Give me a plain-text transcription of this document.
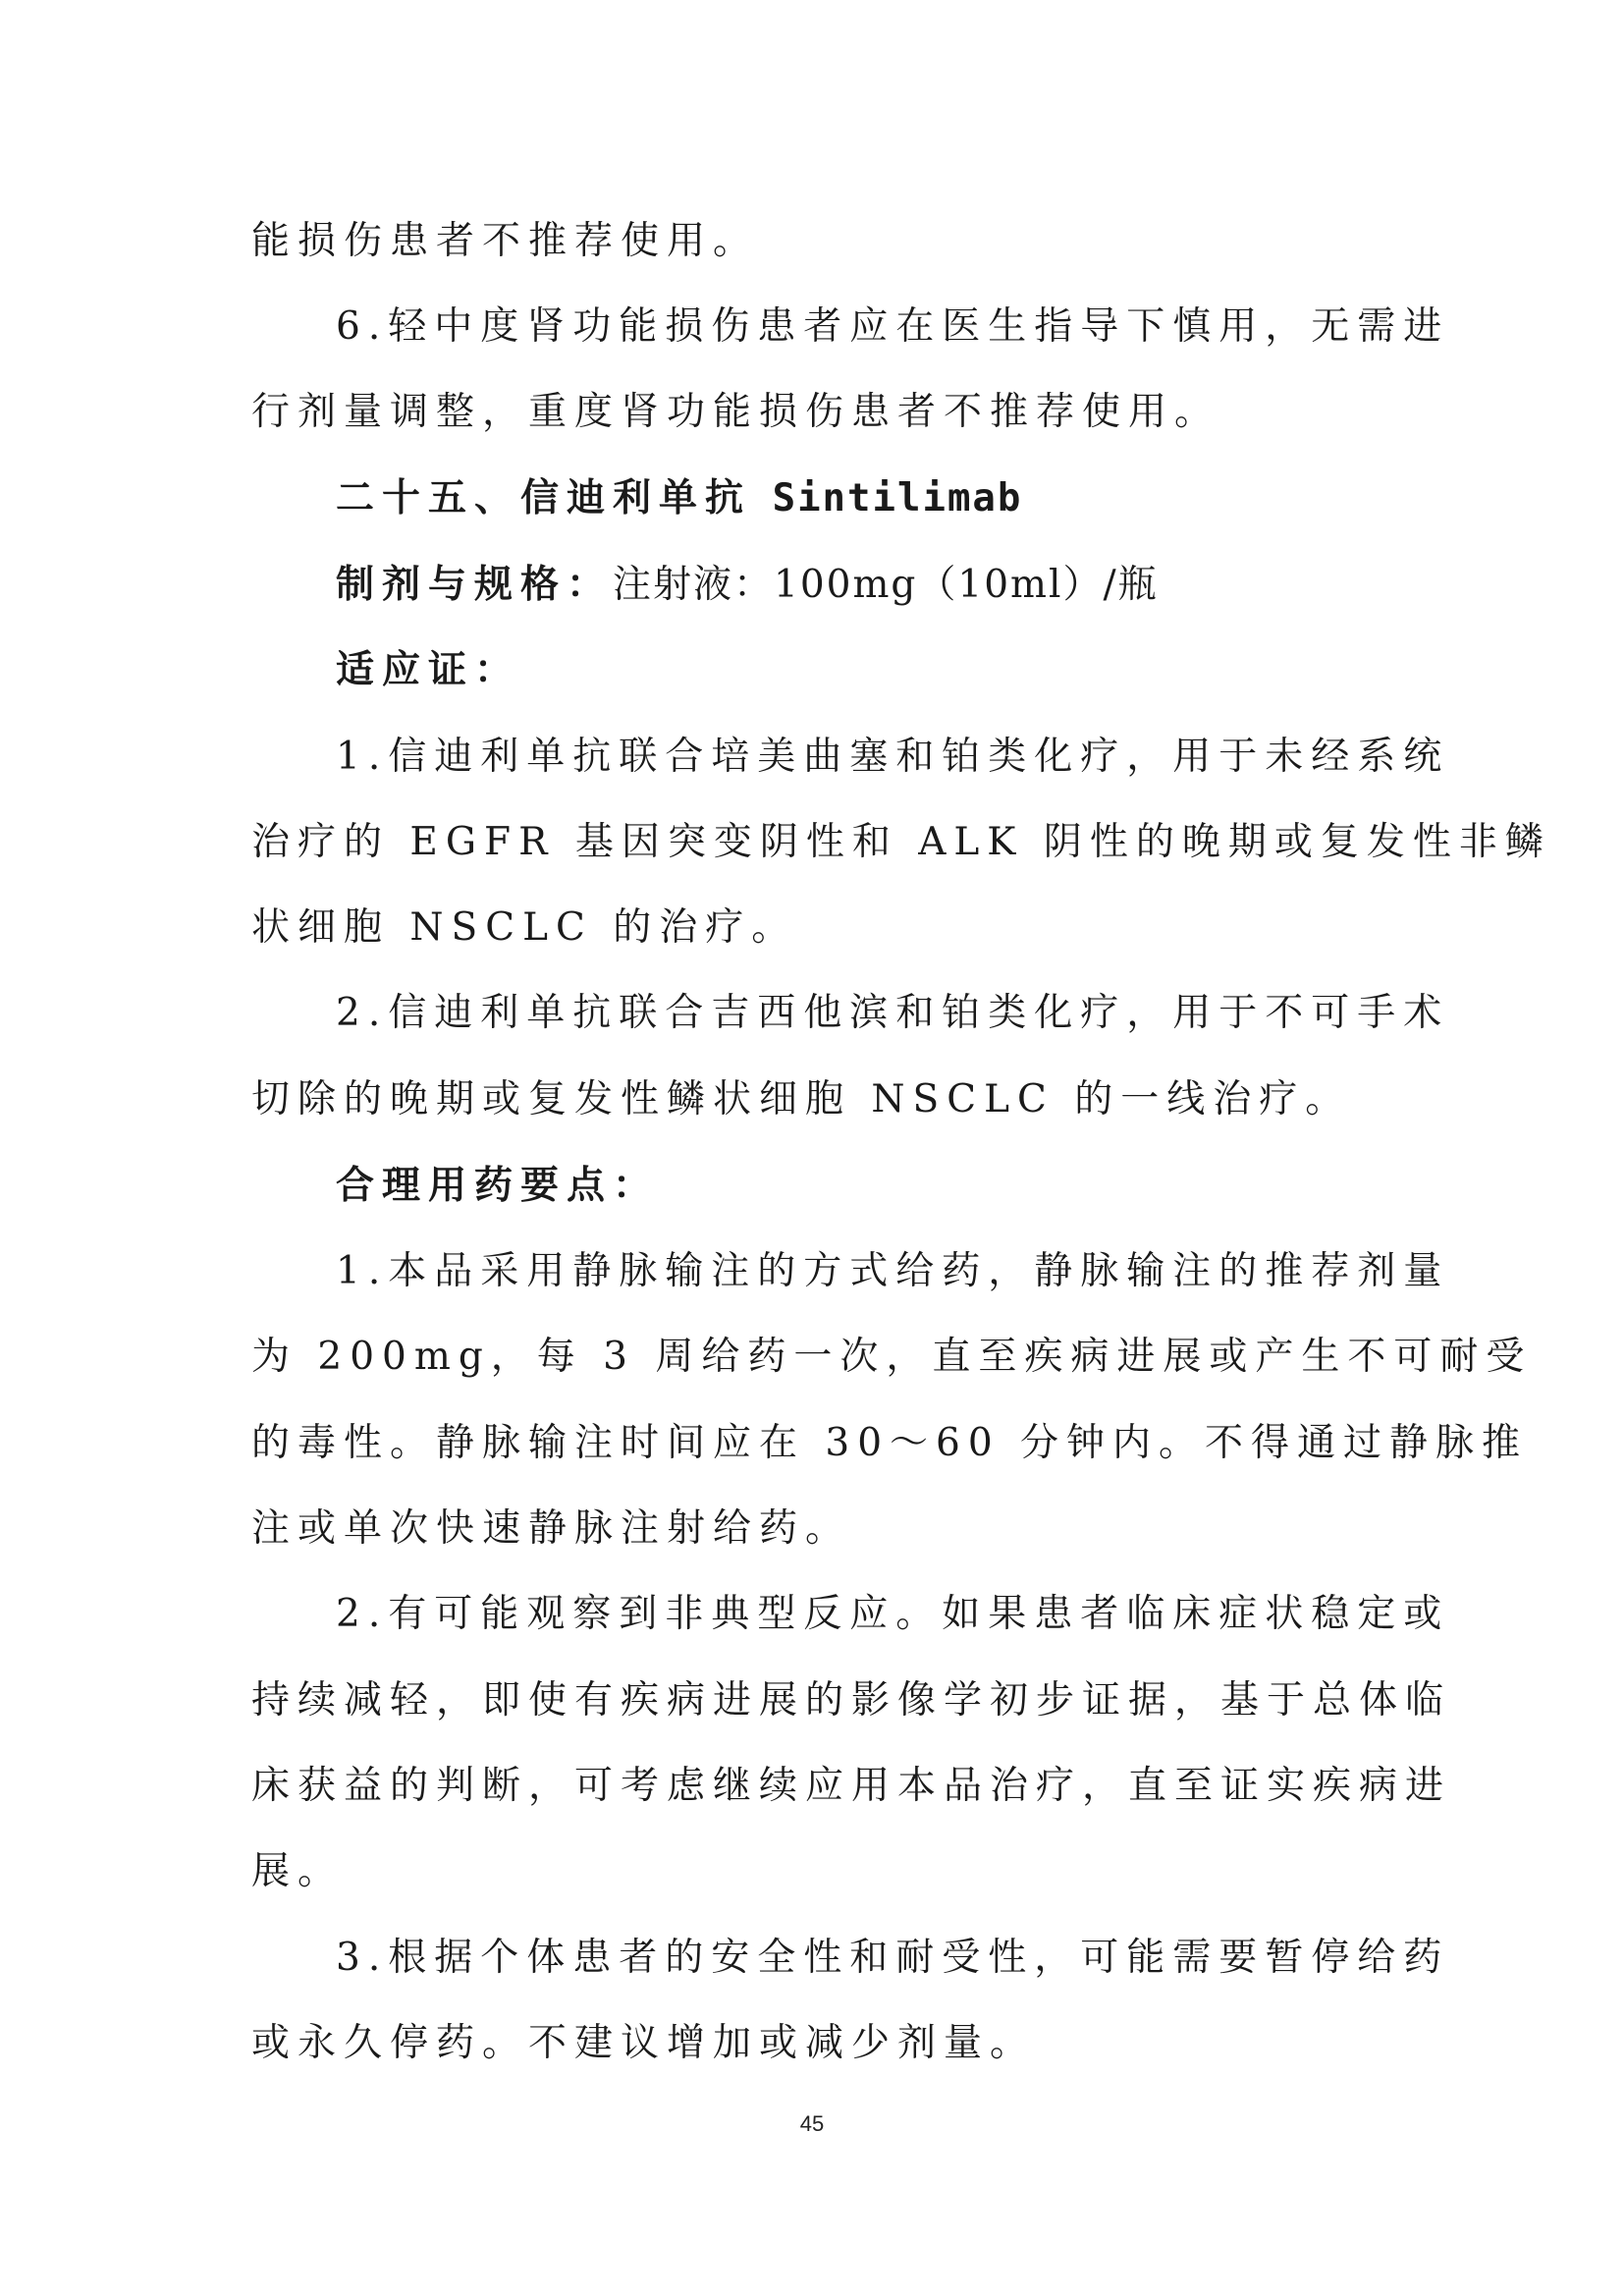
能损伤患者不推荐使用。
6.轻中度肾功能损伤患者应在医生指导下慎用，无需进
行剂量调整，重度肾功能损伤患者不推荐使用。
二十五、信迪利单抗 Sintilimab
制剂与规格：注射液：100mg（10ml）/瓶
适应证：
1.信迪利单抗联合培美曲塞和铂类化疗，用于未经系统
治疗的 EGFR 基因突变阴性和 ALK 阴性的晚期或复发性非鳞
状细胞 NSCLC 的治疗。
2.信迪利单抗联合吉西他滨和铂类化疗，用于不可手术
切除的晚期或复发性鳞状细胞 NSCLC 的一线治疗。
合理用药要点：
1.本品采用静脉输注的方式给药，静脉输注的推荐剂量
为 200mg，每 3 周给药一次，直至疾病进展或产生不可耐受
的毒性。静脉输注时间应在 30～60 分钟内。不得通过静脉推
注或单次快速静脉注射给药。
2.有可能观察到非典型反应。如果患者临床症状稳定或
持续减轻，即使有疾病进展的影像学初步证据，基于总体临
床获益的判断，可考虑继续应用本品治疗，直至证实疾病进
展。
3.根据个体患者的安全性和耐受性，可能需要暂停给药
或永久停药。不建议增加或减少剂量。
45
